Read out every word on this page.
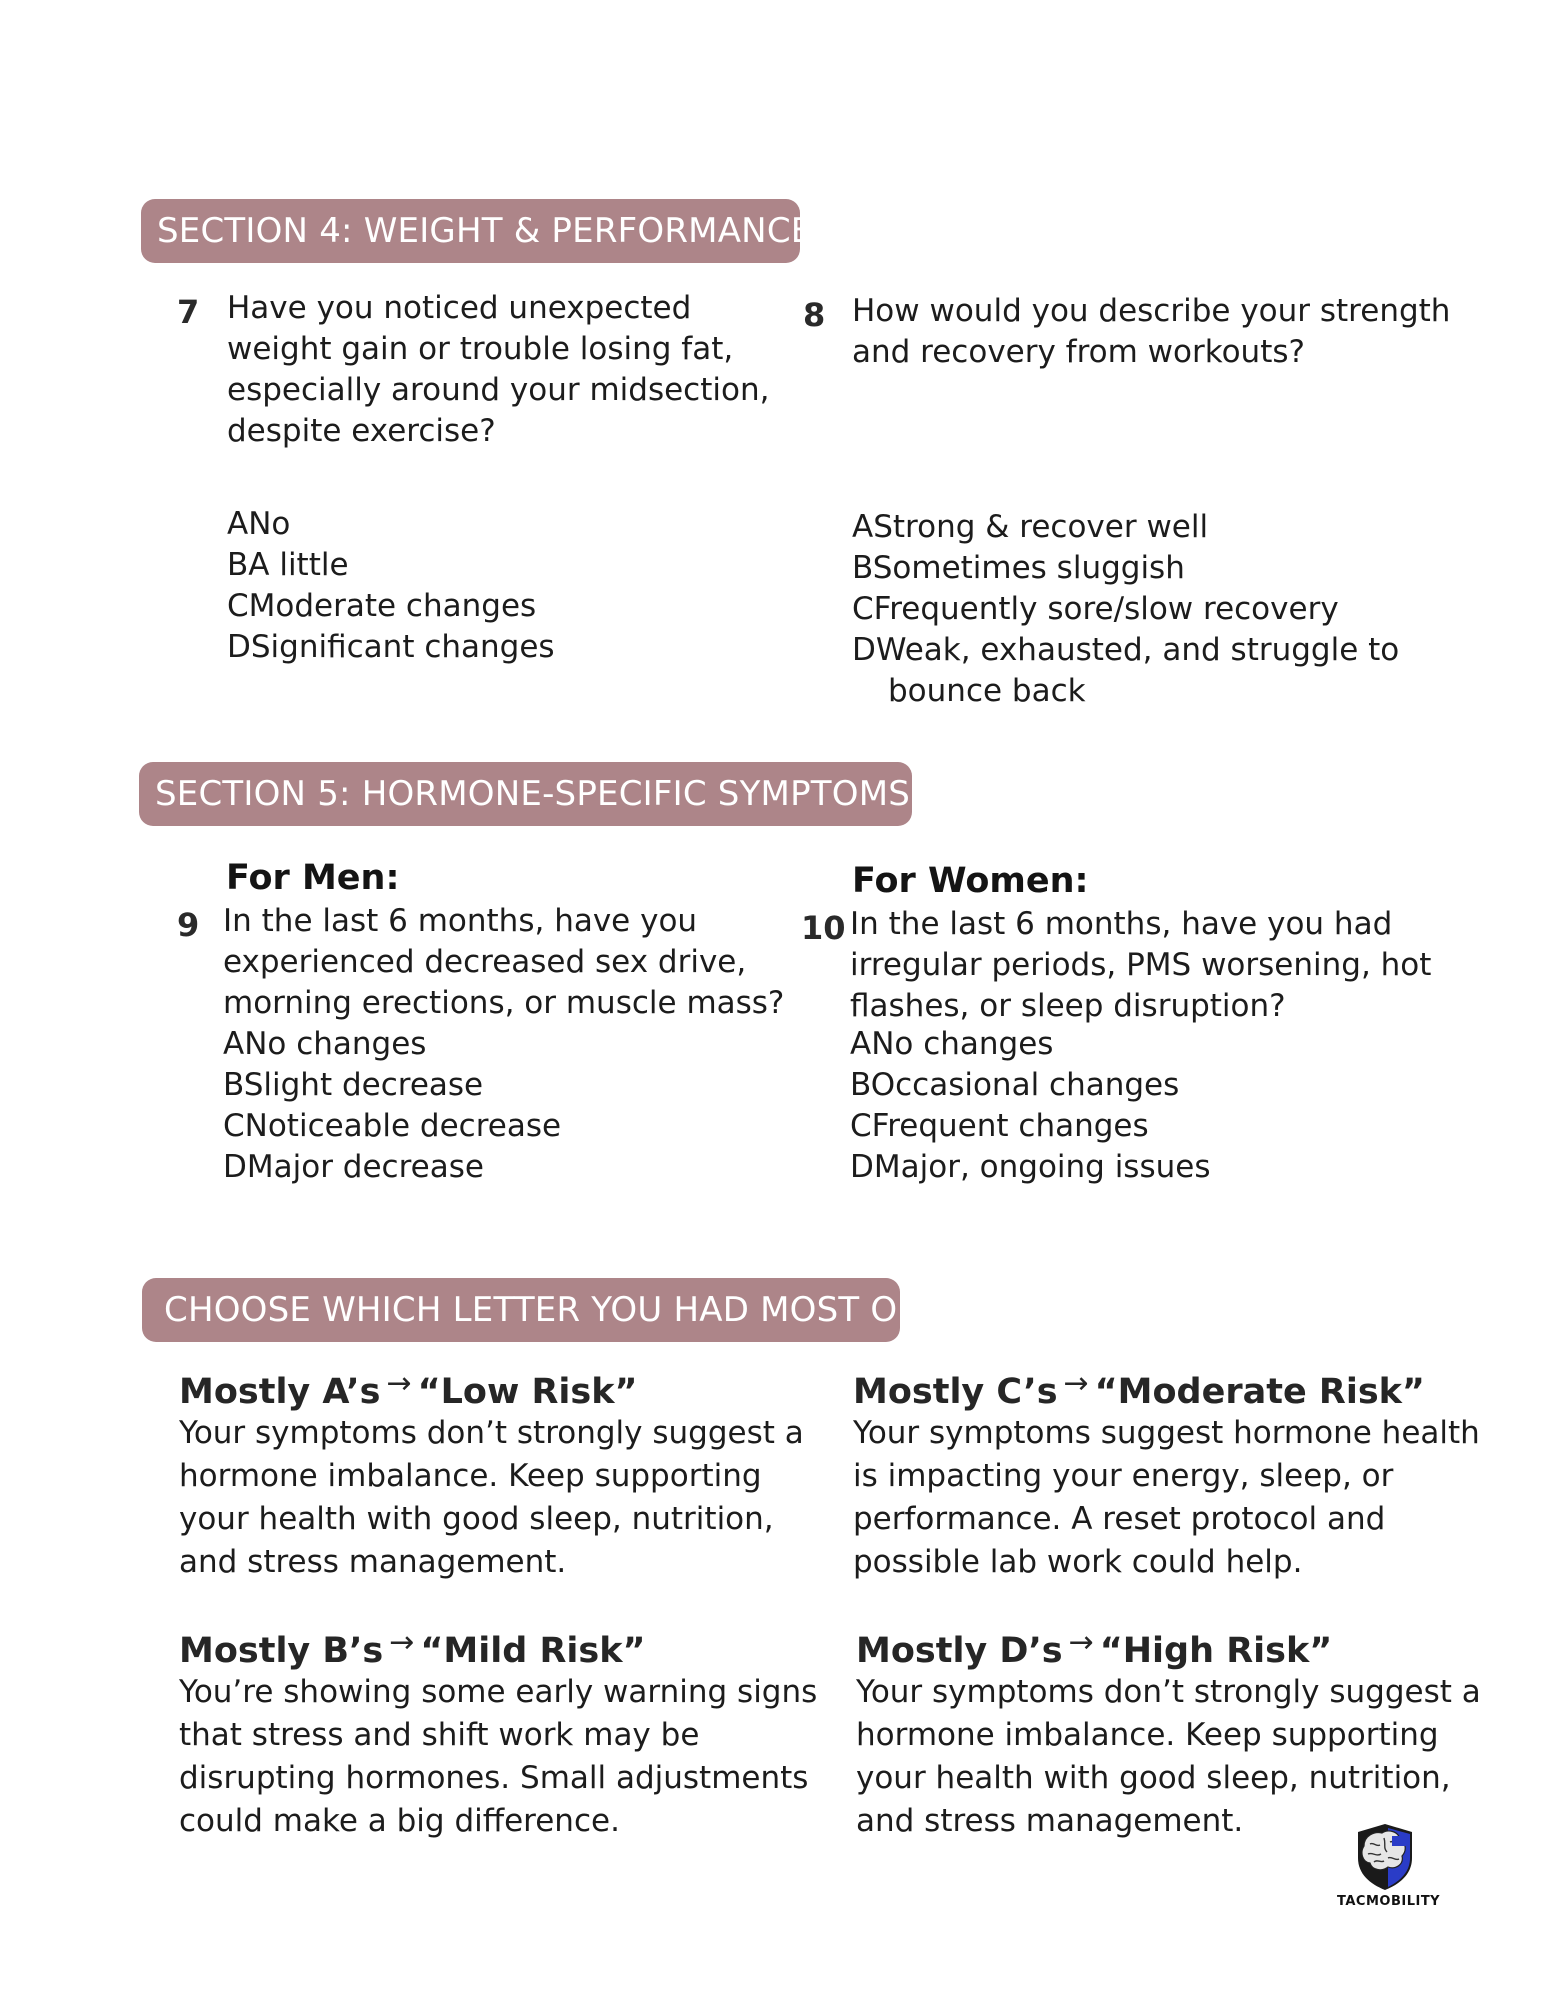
SECTION 4: WEIGHT & PERFORMANCE
7 Have you noticed unexpected weight gain or trouble losing fat, especially around your midsection, despite exercise?
ANo
BA little
CModerate changes
DSignificant changes
8 How would you describe your strength and recovery from workouts?
AStrong & recover well
BSometimes sluggish
CFrequently sore/slow recovery
DWeak, exhausted, and struggle to bounce back
SECTION 5: HORMONE-SPECIFIC SYMPTOMS
For Men:
9 In the last 6 months, have you experienced decreased sex drive, morning erections, or muscle mass?
ANo changes
BSlight decrease
CNoticeable decrease
DMajor decrease
For Women:
10 In the last 6 months, have you had irregular periods, PMS worsening, hot flashes, or sleep disruption?
ANo changes
BOccasional changes
CFrequent changes
DMajor, ongoing issues
CHOOSE WHICH LETTER YOU HAD MOST OF
Mostly A’s → “Low Risk”
Your symptoms don’t strongly suggest a hormone imbalance. Keep supporting your health with good sleep, nutrition, and stress management.
Mostly B’s → “Mild Risk”
You’re showing some early warning signs that stress and shift work may be disrupting hormones. Small adjustments could make a big difference.
Mostly C’s → “Moderate Risk”
Your symptoms suggest hormone health is impacting your energy, sleep, or performance. A reset protocol and possible lab work could help.
Mostly D’s → “High Risk”
Your symptoms don’t strongly suggest a hormone imbalance. Keep supporting your health with good sleep, nutrition, and stress management.
TACMOBILITY
